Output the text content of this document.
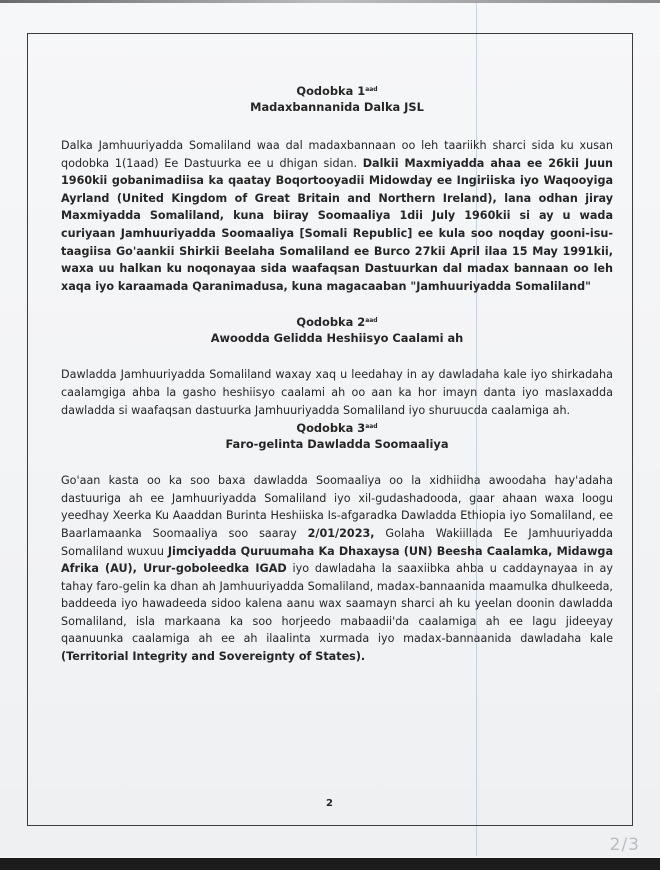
Qodobka $1^{aad}$
Madaxbannanida Dalka JSL

Dalka Jamhuuriyadda Somaliland waa dal madaxbannaan oo leh taariikh sharci sida ku xusan qodobka 1(1aad) Ee Dastuurka ee u dhigan sidan. Dalkii Maxmiyadda ahaa ee 26kii Juun 1960kii gobanimadiisa ka qaatay Boqortooyadii Midowday ee Ingiriiska iyo Waqooyiga Ayrland (United Kingdom of Great Britain and Northern Ireland), lana odhan jiray Maxmiyadda Somaliland, kuna biiray Soomaaliya 1dii July 1960kii si ay u wada curiyaan Jamhuuriyadda Soomaaliya [Somali Republic] ee kula soo noqday gooni-isu-taagiisa Go'aankii Shirkii Beelaha Somaliland ee Burco 27kii April ilaa 15 May 1991kii, waxa uu halkan ku noqonayaa sida waafaqsan Dastuurkan dal madax bannaan oo leh xaqa iyo karaamada Qaranimadusa, kuna magacaaban "Jamhuuriyadda Somaliland"

Qodobka $2^{aad}$
Awoodda Gelidda Heshiisyo Caalami ah

Dawladda Jamhuuriyadda Somaliland waxay xaq u leedahay in ay dawladaha kale iyo shirkadaha caalamgiga ahba la gasho heshiisyo caalami ah oo aan ka hor imayn danta iyo maslaxadda dawladda si waafaqsan dastuurka Jamhuuriyadda Somaliland iyo shuruucda caalamiga ah.

Qodobka $3^{aad}$
Faro-gelinta Dawladda Soomaaliya

Go'aan kasta oo ka soo baxa dawladda Soomaaliya oo la xidhiidha awoodaha hay'adaha dastuuriga ah ee Jamhuuriyadda Somaliland iyo xil-gudashadooda, gaar ahaan waxa loogu yeedhay Xeerka Ku Aaaddan Burinta Heshiiska Is-afgaradka Dawladda Ethiopia iyo Somaliland, ee Baarlamaanka Soomaaliya soo saaray 2/01/2023, Golaha Wakiillada Ee Jamhuuriyadda Somaliland wuxuu Jimciyadda Quruumaha Ka Dhaxaysa (UN) Beesha Caalamka, Midawga Afrika (AU), Urur-goboleedka IGAD iyo dawladaha la saaxiibka ahba u caddaynayaa in ay tahay faro-gelin ka dhan ah Jamhuuriyadda Somaliland, madax-bannaanida maamulka dhulkeeda, baddeeda iyo hawadeeda sidoo kalena aanu wax saamayn sharci ah ku yeelan doonin dawladda Somaliland, isla markaana ka soo horjeedo mabaadii'da caalamiga ah ee lagu jideeyay qaanuunka caalamiga ah ee ah ilaalinta xurmada iyo madax-bannaanida dawladaha kale (Territorial Integrity and Sovereignty of States).

2
2/3
